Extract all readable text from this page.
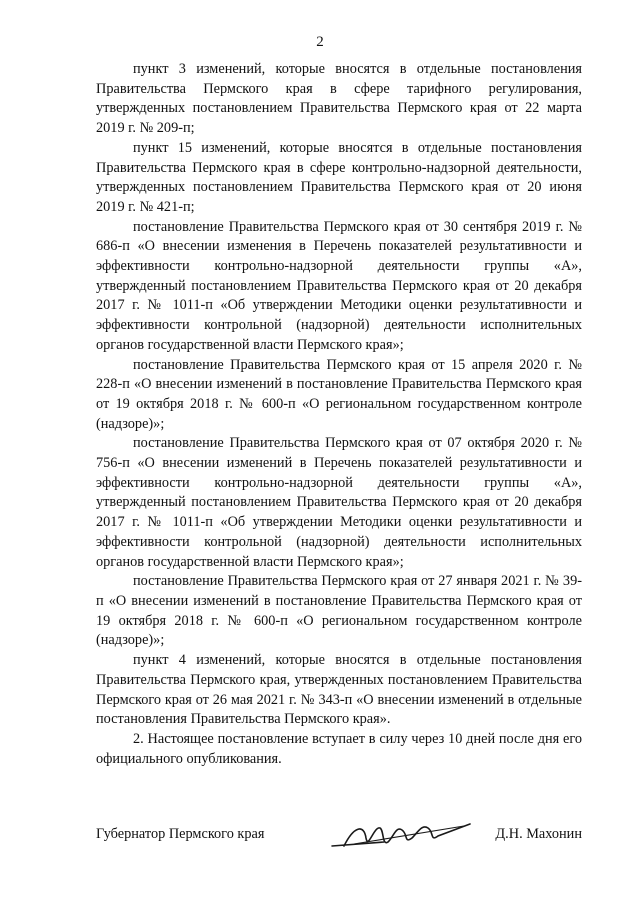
2

пункт 3 изменений, которые вносятся в отдельные постановления Правительства Пермского края в сфере тарифного регулирования, утвержденных постановлением Правительства Пермского края от 22 марта 2019 г. № 209-п;

пункт 15 изменений, которые вносятся в отдельные постановления Правительства Пермского края в сфере контрольно-надзорной деятельности, утвержденных постановлением Правительства Пермского края от 20 июня 2019 г. № 421-п;

постановление Правительства Пермского края от 30 сентября 2019 г. № 686-п «О внесении изменения в Перечень показателей результативности и эффективности контрольно-надзорной деятельности группы «А», утвержденный постановлением Правительства Пермского края от 20 декабря 2017 г. № 1011-п «Об утверждении Методики оценки результативности и эффективности контрольной (надзорной) деятельности исполнительных органов государственной власти Пермского края»;

постановление Правительства Пермского края от 15 апреля 2020 г. № 228-п «О внесении изменений в постановление Правительства Пермского края от 19 октября 2018 г. № 600-п «О региональном государственном контроле (надзоре)»;

постановление Правительства Пермского края от 07 октября 2020 г. № 756-п «О внесении изменений в Перечень показателей результативности и эффективности контрольно-надзорной деятельности группы «А», утвержденный постановлением Правительства Пермского края от 20 декабря 2017 г. № 1011-п «Об утверждении Методики оценки результативности и эффективности контрольной (надзорной) деятельности исполнительных органов государственной власти Пермского края»;

постановление Правительства Пермского края от 27 января 2021 г. № 39-п «О внесении изменений в постановление Правительства Пермского края от 19 октября 2018 г. № 600-п «О региональном государственном контроле (надзоре)»;

пункт 4 изменений, которые вносятся в отдельные постановления Правительства Пермского края, утвержденных постановлением Правительства Пермского края от 26 мая 2021 г. № 343-п «О внесении изменений в отдельные постановления Правительства Пермского края».

2. Настоящее постановление вступает в силу через 10 дней после дня его официального опубликования.

Губернатор Пермского края	Д.Н. Махонин
